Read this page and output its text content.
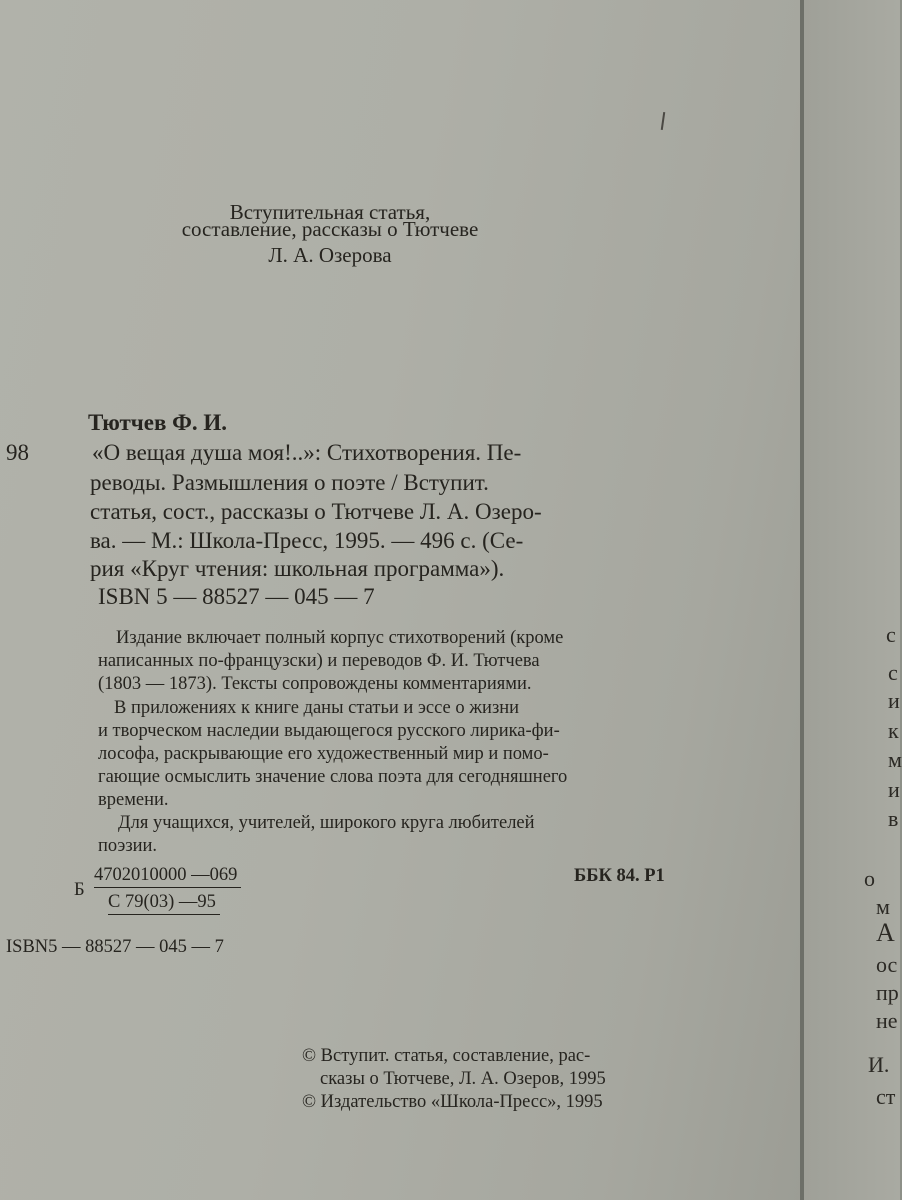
Вступительная статья,
составление, рассказы о Тютчеве
Л. А. Озерова
Тютчев Ф. И.
98	«О вещая душа моя!..»: Стихотворения. Пе-
реводы. Размышления о поэте / Вступит.
статья, сост., рассказы о Тютчеве Л. А. Озеро-
ва. — М.: Школа-Пресс, 1995. — 496 с. (Се-
рия «Круг чтения: школьная программа»).
ISBN 5 — 88527 — 045 — 7
Издание включает полный корпус стихотворений (кроме
написанных по-французски) и переводов Ф. И. Тютчева
(1803 — 1873). Тексты сопровождены комментариями.
В приложениях к книге даны статьи и эссе о жизни
и творческом наследии выдающегося русского лирика-фи-
лософа, раскрывающие его художественный мир и помо-
гающие осмыслить значение слова поэта для сегодняшнего
времени.
Для учащихся, учителей, широкого круга любителей
поэзии.
Б
4702010000 —069
С 79(03) —95
ББК 84. Р1
ISBN5 — 88527 — 045 — 7
© Вступит. статья, составление, рас-
сказы о Тютчеве, Л. А. Озеров, 1995
© Издательство «Школа-Пресс», 1995
с
с
и
к
м
и
в
о
м
А
ос
пр
не
И.
ст
